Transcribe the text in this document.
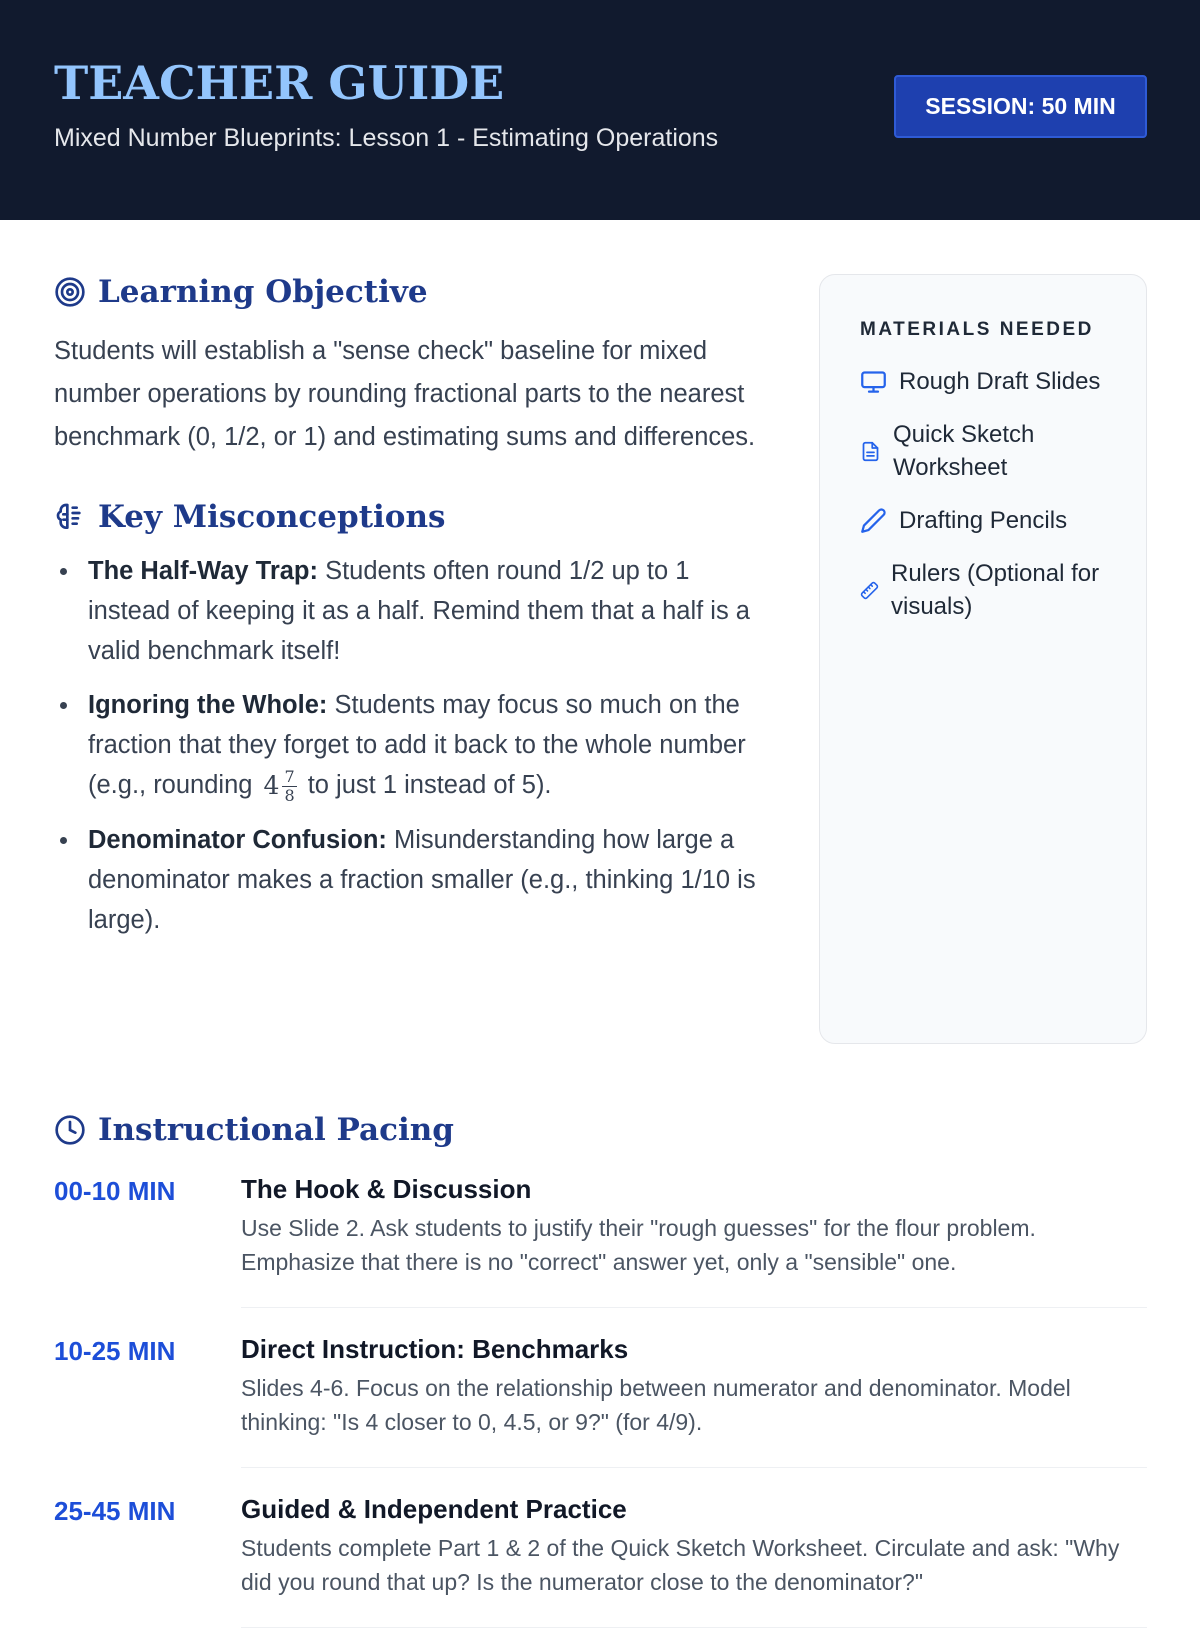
TEACHER GUIDE
Mixed Number Blueprints: Lesson 1 - Estimating Operations
SESSION: 50 MIN
Learning Objective

Students will establish a "sense check" baseline for mixed number operations by rounding fractional parts to the nearest benchmark (0, 1/2, or 1) and estimating sums and differences.

Key Misconceptions
The Half-Way Trap: Students often round 1/2 up to 1 instead of keeping it as a half. Remind them that a half is a valid benchmark itself!
Ignoring the Whole: Students may focus so much on the fraction that they forget to add it back to the whole number (e.g., rounding $4 \frac{7}{8}$ to just 1 instead of 5).
Denominator Confusion: Misunderstanding how large a denominator makes a fraction smaller (e.g., thinking 1/10 is large).
MATERIALS NEEDED
Rough Draft Slides
Quick Sketch Worksheet
Drafting Pencils
Rulers (Optional for visuals)
Instructional Pacing
00-10 MIN	The Hook & Discussion
Use Slide 2. Ask students to justify their "rough guesses" for the flour problem. Emphasize that there is no "correct" answer yet, only a "sensible" one.
10-25 MIN	Direct Instruction: Benchmarks
Slides 4-6. Focus on the relationship between numerator and denominator. Model thinking: "Is 4 closer to 0, 4.5, or 9?" (for 4/9).
25-45 MIN	Guided & Independent Practice
Students complete Part 1 & 2 of the Quick Sketch Worksheet. Circulate and ask: "Why did you round that up? Is the numerator close to the denominator?"
